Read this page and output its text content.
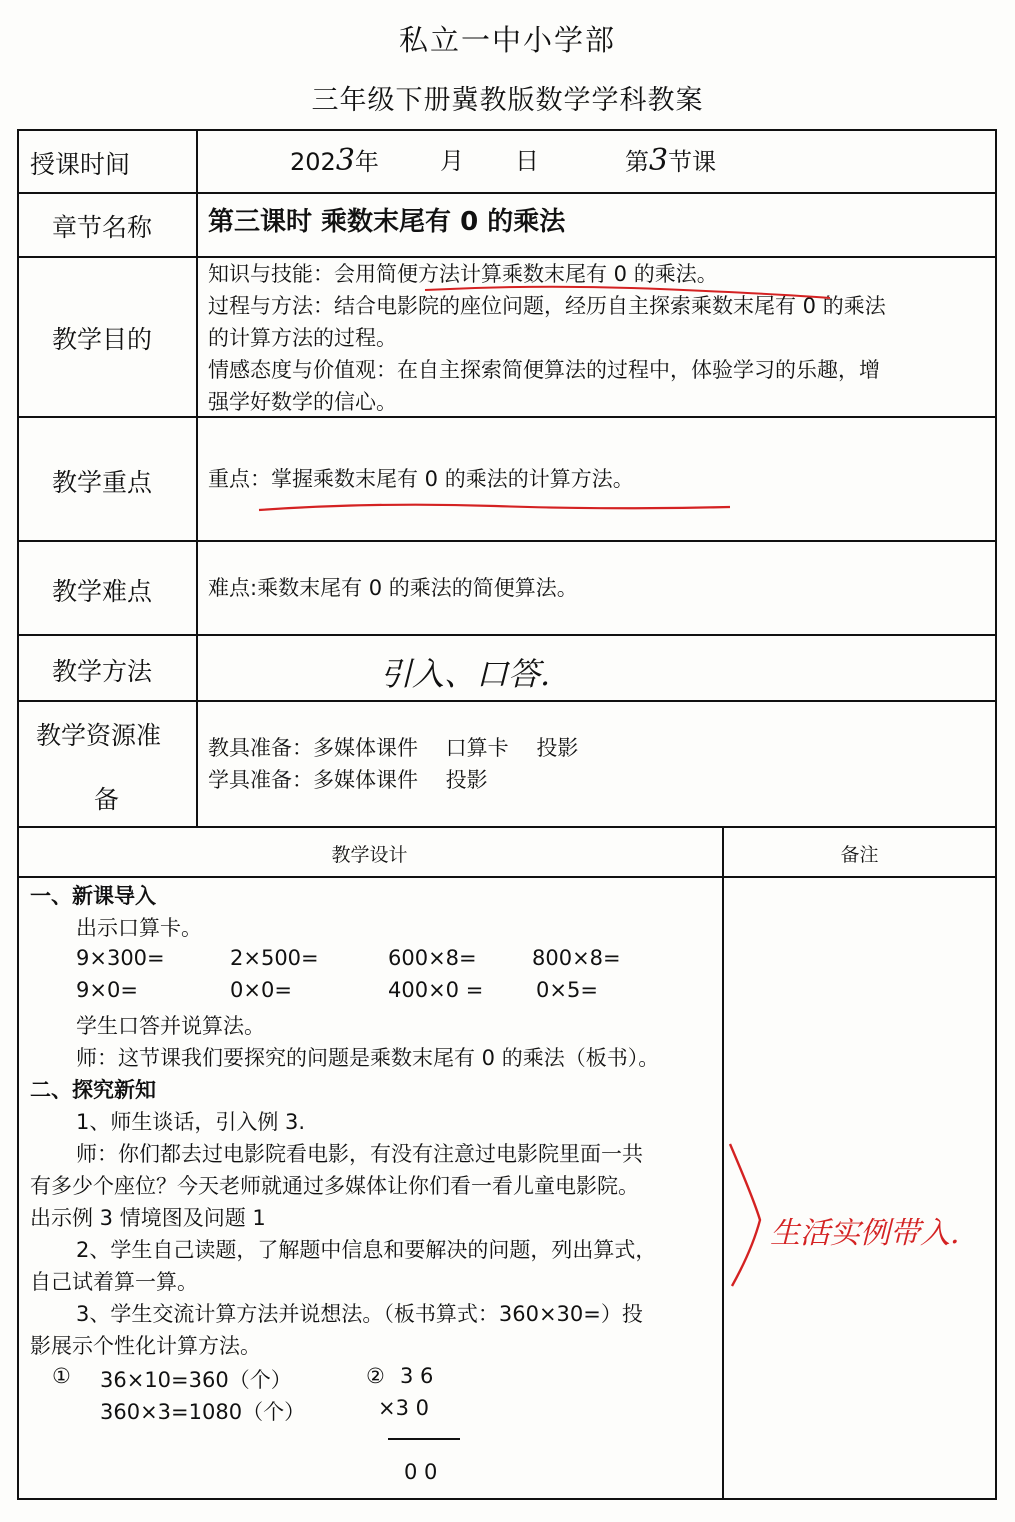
私立一中小学部
三年级下册冀教版数学学科教案
授课时间	2023年	月 日	第3节课
章节名称 第三课时 乘数末尾有 0 的乘法
教学目的
知识与技能：会用简便方法计算乘数末尾有 0 的乘法。
过程与方法：结合电影院的座位问题，经历自主探索乘数末尾有 0 的乘法
的计算方法的过程。
情感态度与价值观：在自主探索简便算法的过程中，体验学习的乐趣，增
强学好数学的信心。
教学重点	重点：掌握乘数末尾有 0 的乘法的计算方法。
教学难点	难点:乘数末尾有 0 的乘法的简便算法。
教学方法	引入、口答.
教学资源准
备
教具准备：多媒体课件　 口算卡　 投影
学具准备：多媒体课件　 投影
教学设计	备注
一、新课导入
出示口算卡。
9×300=	2×500=	600×8=	800×8=
9×0=	0×0=	400×0 =	0×5=
学生口答并说算法。
师：这节课我们要探究的问题是乘数末尾有 0 的乘法（板书）。
二、探究新知
1、师生谈话，引入例 3.
师：你们都去过电影院看电影，有没有注意过电影院里面一共
有多少个座位？今天老师就通过多媒体让你们看一看儿童电影院。
出示例 3 情境图及问题 1
2、学生自己读题，了解题中信息和要解决的问题，列出算式，
自己试着算一算。
3、学生交流计算方法并说想法。（板书算式：360×30=）投
影展示个性化计算方法。
① 36×10=360（个）
360×3=1080（个）
② 3 6
×3 0
0 0
生活实例带入.
